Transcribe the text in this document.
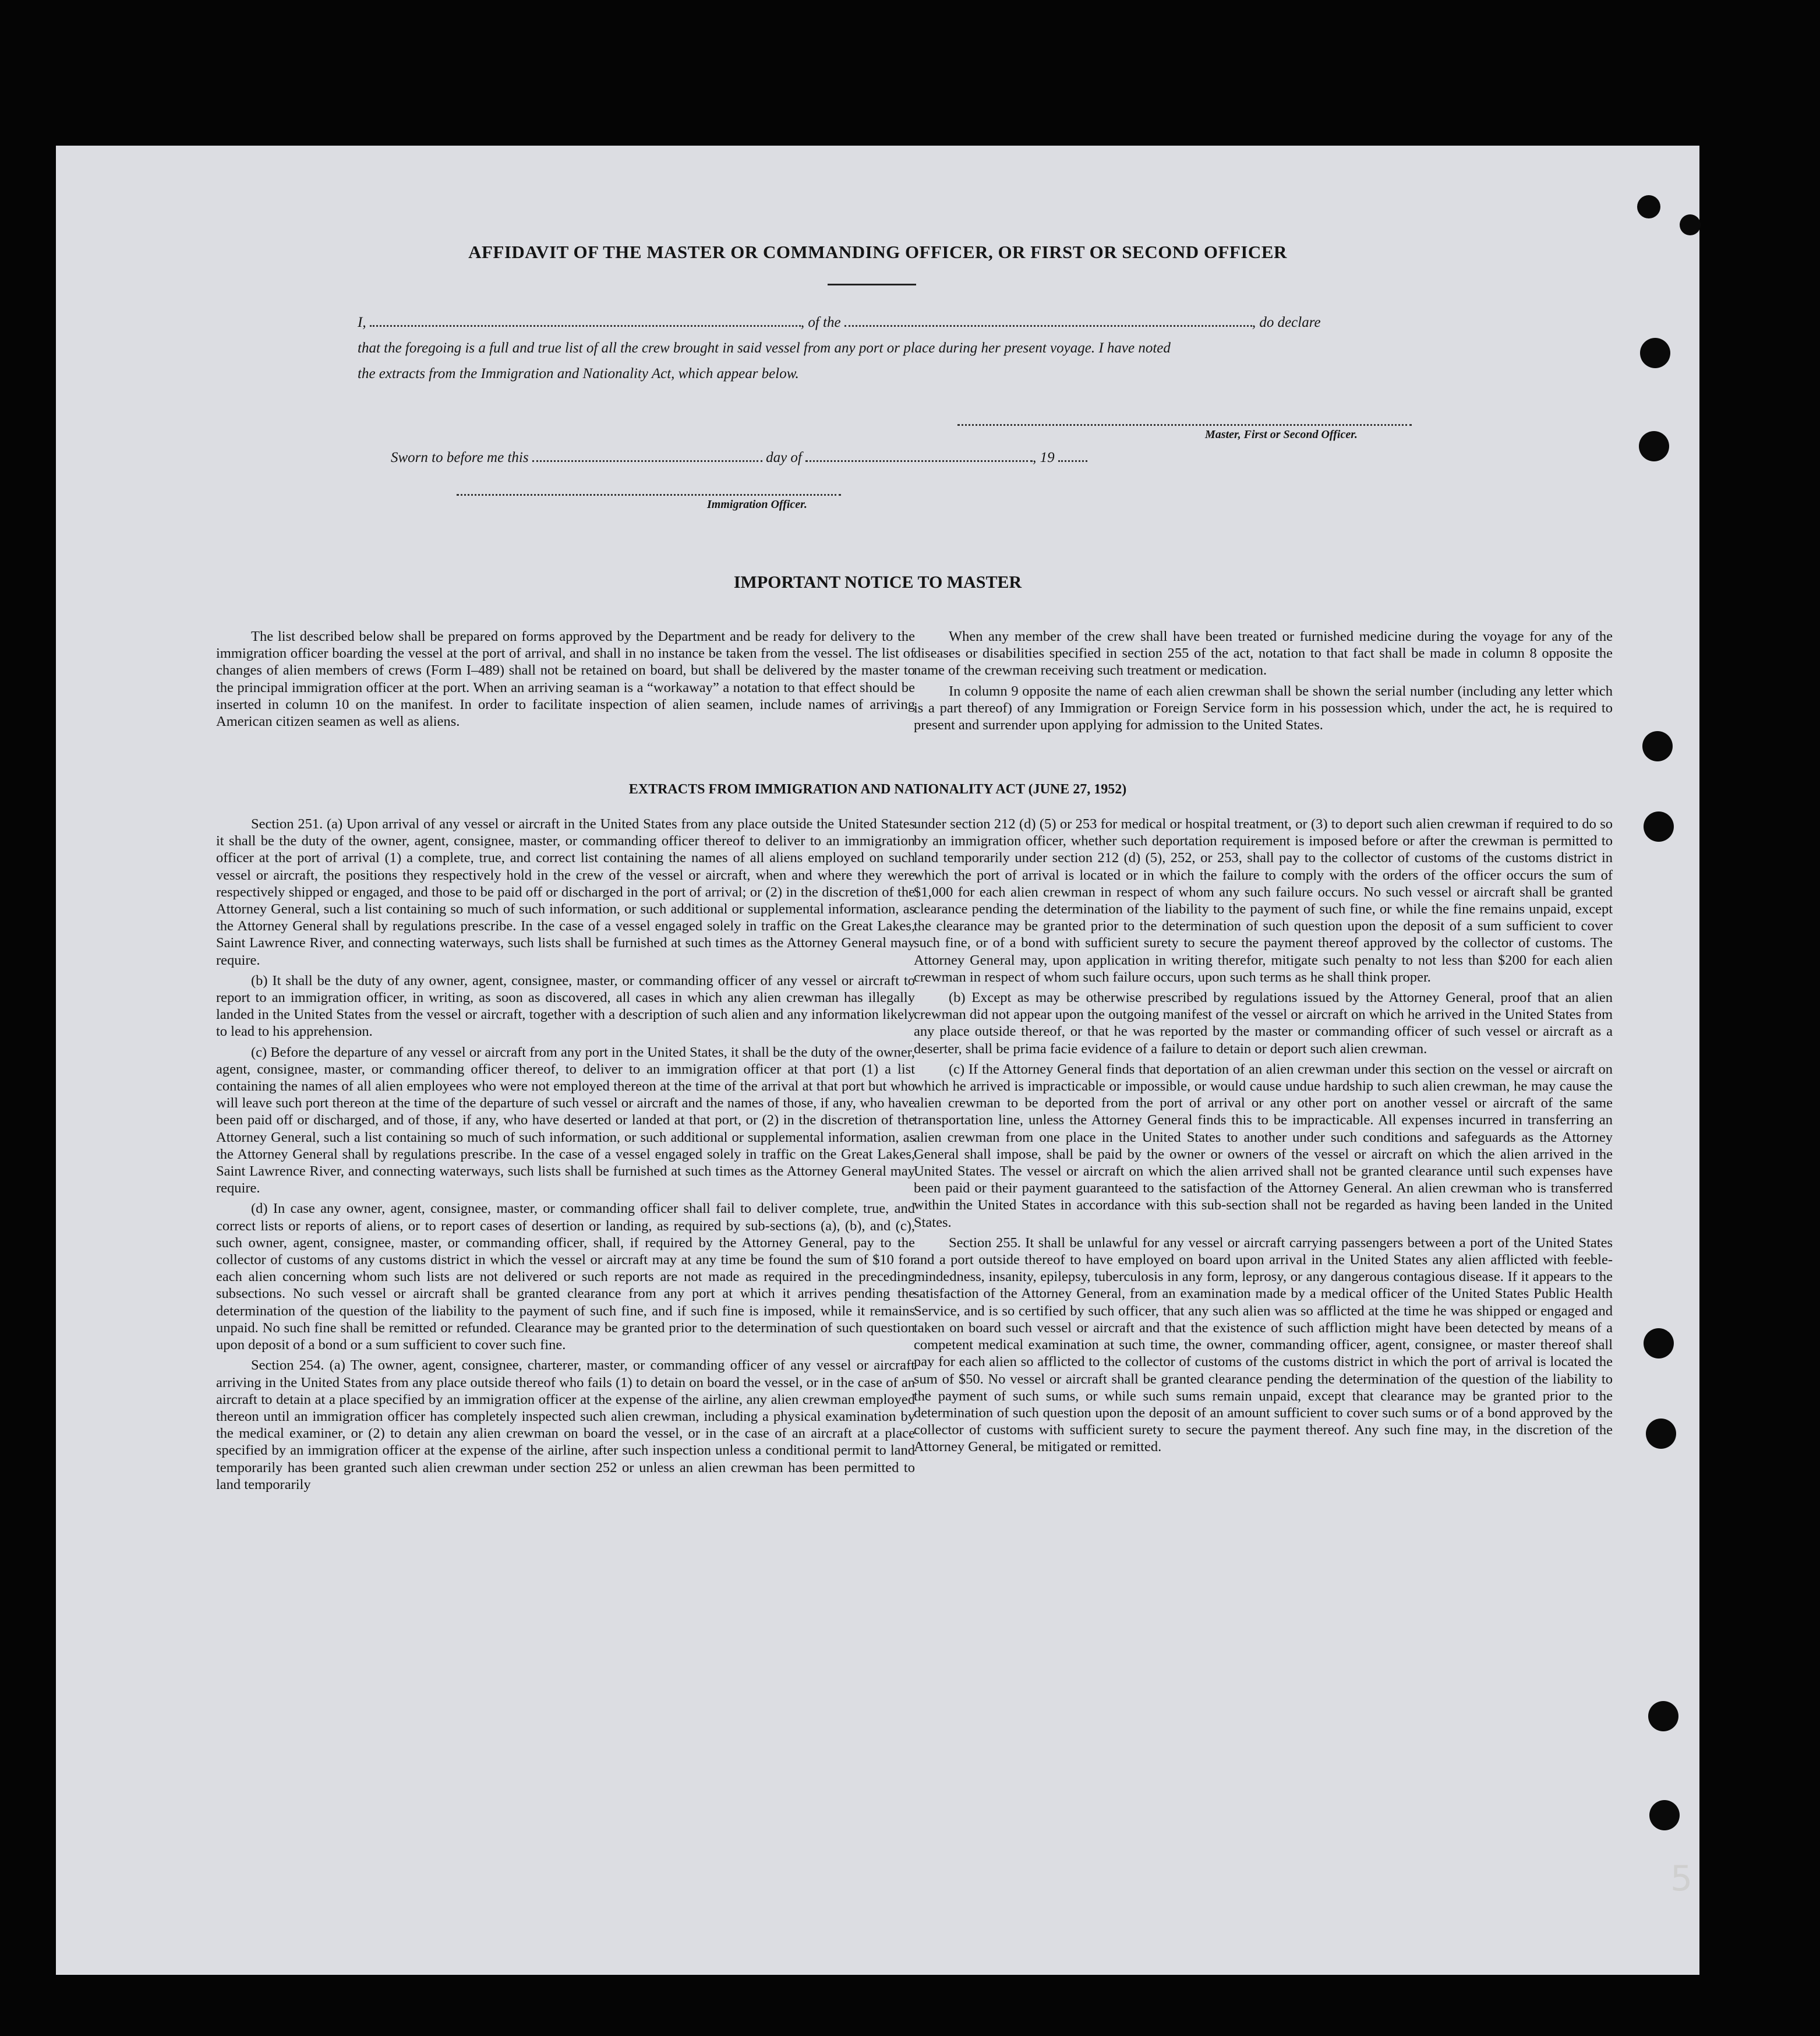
AFFIDAVIT OF THE MASTER OR COMMANDING OFFICER, OR FIRST OR SECOND OFFICER
I,	, of the	, do declare
that the foregoing is a full and true list of all the crew brought in said vessel from any port or place during her present voyage. I have noted
the extracts from the Immigration and Nationality Act, which appear below.
Master, First or Second Officer.
Sworn to before me this	day of	, 19
Immigration Officer.
IMPORTANT NOTICE TO MASTER

The list described below shall be prepared on forms approved by the Department and be ready for delivery to the immigration officer boarding the vessel at the port of arrival, and shall in no instance be taken from the vessel. The list of changes of alien members of crews (Form I–489) shall not be retained on board, but shall be delivered by the master to the principal immigration officer at the port. When an arriving seaman is a “workaway” a notation to that effect should be inserted in column 10 on the manifest. In order to facilitate inspection of alien seamen, include names of arriving American citizen seamen as well as aliens.

When any member of the crew shall have been treated or furnished medicine during the voyage for any of the diseases or disabilities specified in section 255 of the act, notation to that fact shall be made in column 8 opposite the name of the crewman receiving such treatment or medication.

In column 9 opposite the name of each alien crewman shall be shown the serial number (including any letter which is a part thereof) of any Immigration or Foreign Service form in his possession which, under the act, he is required to present and surrender upon applying for admission to the United States.

EXTRACTS FROM IMMIGRATION AND NATIONALITY ACT (JUNE 27, 1952)

Section 251. (a) Upon arrival of any vessel or aircraft in the United States from any place outside the United States it shall be the duty of the owner, agent, consignee, master, or commanding officer thereof to deliver to an immigration officer at the port of arrival (1) a complete, true, and correct list containing the names of all aliens employed on such vessel or aircraft, the positions they respectively hold in the crew of the vessel or aircraft, when and where they were respectively shipped or engaged, and those to be paid off or discharged in the port of arrival; or (2) in the discretion of the Attorney General, such a list containing so much of such information, or such additional or supplemental information, as the Attorney General shall by regulations prescribe. In the case of a vessel engaged solely in traffic on the Great Lakes, Saint Lawrence River, and connecting waterways, such lists shall be furnished at such times as the Attorney General may require.

(b) It shall be the duty of any owner, agent, consignee, master, or commanding officer of any vessel or aircraft to report to an immigration officer, in writing, as soon as discovered, all cases in which any alien crewman has illegally landed in the United States from the vessel or aircraft, together with a description of such alien and any information likely to lead to his apprehension.

(c) Before the departure of any vessel or aircraft from any port in the United States, it shall be the duty of the owner, agent, consignee, master, or commanding officer thereof, to deliver to an immigration officer at that port (1) a list containing the names of all alien employees who were not employed thereon at the time of the arrival at that port but who will leave such port thereon at the time of the departure of such vessel or aircraft and the names of those, if any, who have been paid off or discharged, and of those, if any, who have deserted or landed at that port, or (2) in the discretion of the Attorney General, such a list containing so much of such information, or such additional or supplemental information, as the Attorney General shall by regulations prescribe. In the case of a vessel engaged solely in traffic on the Great Lakes, Saint Lawrence River, and connecting waterways, such lists shall be furnished at such times as the Attorney General may require.

(d) In case any owner, agent, consignee, master, or commanding officer shall fail to deliver complete, true, and correct lists or reports of aliens, or to report cases of desertion or landing, as required by sub-sections (a), (b), and (c), such owner, agent, consignee, master, or commanding officer, shall, if required by the Attorney General, pay to the collector of customs of any customs district in which the vessel or aircraft may at any time be found the sum of $10 for each alien concerning whom such lists are not delivered or such reports are not made as required in the preceding subsections. No such vessel or aircraft shall be granted clearance from any port at which it arrives pending the determination of the question of the liability to the payment of such fine, and if such fine is imposed, while it remains unpaid. No such fine shall be remitted or refunded. Clearance may be granted prior to the determination of such question upon deposit of a bond or a sum sufficient to cover such fine.

Section 254. (a) The owner, agent, consignee, charterer, master, or commanding officer of any vessel or aircraft arriving in the United States from any place outside thereof who fails (1) to detain on board the vessel, or in the case of an aircraft to detain at a place specified by an immigration officer at the expense of the airline, any alien crewman employed thereon until an immigration officer has completely inspected such alien crewman, including a physical examination by the medical examiner, or (2) to detain any alien crewman on board the vessel, or in the case of an aircraft at a place specified by an immigration officer at the expense of the airline, after such inspection unless a conditional permit to land temporarily has been granted such alien crewman under section 252 or unless an alien crewman has been permitted to land temporarily

under section 212 (d) (5) or 253 for medical or hospital treatment, or (3) to deport such alien crewman if required to do so by an immigration officer, whether such deportation requirement is imposed before or after the crewman is permitted to land temporarily under section 212 (d) (5), 252, or 253, shall pay to the collector of customs of the customs district in which the port of arrival is located or in which the failure to comply with the orders of the officer occurs the sum of $1,000 for each alien crewman in respect of whom any such failure occurs. No such vessel or aircraft shall be granted clearance pending the determination of the liability to the payment of such fine, or while the fine remains unpaid, except the clearance may be granted prior to the determination of such question upon the deposit of a sum sufficient to cover such fine, or of a bond with sufficient surety to secure the payment thereof approved by the collector of customs. The Attorney General may, upon application in writing therefor, mitigate such penalty to not less than $200 for each alien crewman in respect of whom such failure occurs, upon such terms as he shall think proper.

(b) Except as may be otherwise prescribed by regulations issued by the Attorney General, proof that an alien crewman did not appear upon the outgoing manifest of the vessel or aircraft on which he arrived in the United States from any place outside thereof, or that he was reported by the master or commanding officer of such vessel or aircraft as a deserter, shall be prima facie evidence of a failure to detain or deport such alien crewman.

(c) If the Attorney General finds that deportation of an alien crewman under this section on the vessel or aircraft on which he arrived is impracticable or impossible, or would cause undue hardship to such alien crewman, he may cause the alien crewman to be deported from the port of arrival or any other port on another vessel or aircraft of the same transportation line, unless the Attorney General finds this to be impracticable. All expenses incurred in transferring an alien crewman from one place in the United States to another under such conditions and safeguards as the Attorney General shall impose, shall be paid by the owner or owners of the vessel or aircraft on which the alien arrived in the United States. The vessel or aircraft on which the alien arrived shall not be granted clearance until such expenses have been paid or their payment guaranteed to the satisfaction of the Attorney General. An alien crewman who is transferred within the United States in accordance with this sub-section shall not be regarded as having been landed in the United States.

Section 255. It shall be unlawful for any vessel or aircraft carrying passengers between a port of the United States and a port outside thereof to have employed on board upon arrival in the United States any alien afflicted with feeble-mindedness, insanity, epilepsy, tuberculosis in any form, leprosy, or any dangerous contagious disease. If it appears to the satisfaction of the Attorney General, from an examination made by a medical officer of the United States Public Health Service, and is so certified by such officer, that any such alien was so afflicted at the time he was shipped or engaged and taken on board such vessel or aircraft and that the existence of such affliction might have been detected by means of a competent medical examination at such time, the owner, commanding officer, agent, consignee, or master thereof shall pay for each alien so afflicted to the collector of customs of the customs district in which the port of arrival is located the sum of $50. No vessel or aircraft shall be granted clearance pending the determination of the question of the liability to the payment of such sums, or while such sums remain unpaid, except that clearance may be granted prior to the determination of such question upon the deposit of an amount sufficient to cover such sums or of a bond approved by the collector of customs with sufficient surety to secure the payment thereof. Any such fine may, in the discretion of the Attorney General, be mitigated or remitted.

5
